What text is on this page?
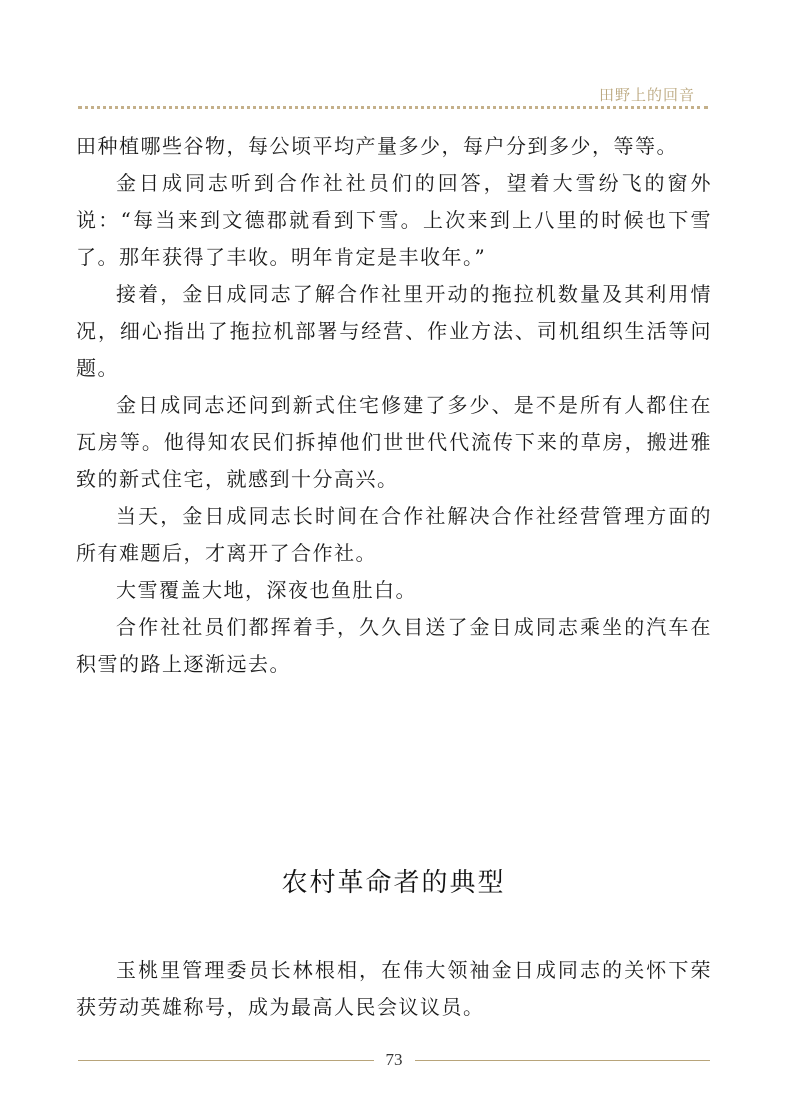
田野上的回音

田种植哪些谷物，每公顷平均产量多少，每户分到多少，等等。

金日成同志听到合作社社员们的回答，望着大雪纷飞的窗外说：“每当来到文德郡就看到下雪。上次来到上八里的时候也下雪了。那年获得了丰收。明年肯定是丰收年。”

接着，金日成同志了解合作社里开动的拖拉机数量及其利用情况，细心指出了拖拉机部署与经营、作业方法、司机组织生活等问题。

金日成同志还问到新式住宅修建了多少、是不是所有人都住在瓦房等。他得知农民们拆掉他们世世代代流传下来的草房，搬进雅致的新式住宅，就感到十分高兴。

当天，金日成同志长时间在合作社解决合作社经营管理方面的所有难题后，才离开了合作社。

大雪覆盖大地，深夜也鱼肚白。

合作社社员们都挥着手，久久目送了金日成同志乘坐的汽车在积雪的路上逐渐远去。

农村革命者的典型

玉桃里管理委员长林根相，在伟大领袖金日成同志的关怀下荣获劳动英雄称号，成为最高人民会议议员。

73
